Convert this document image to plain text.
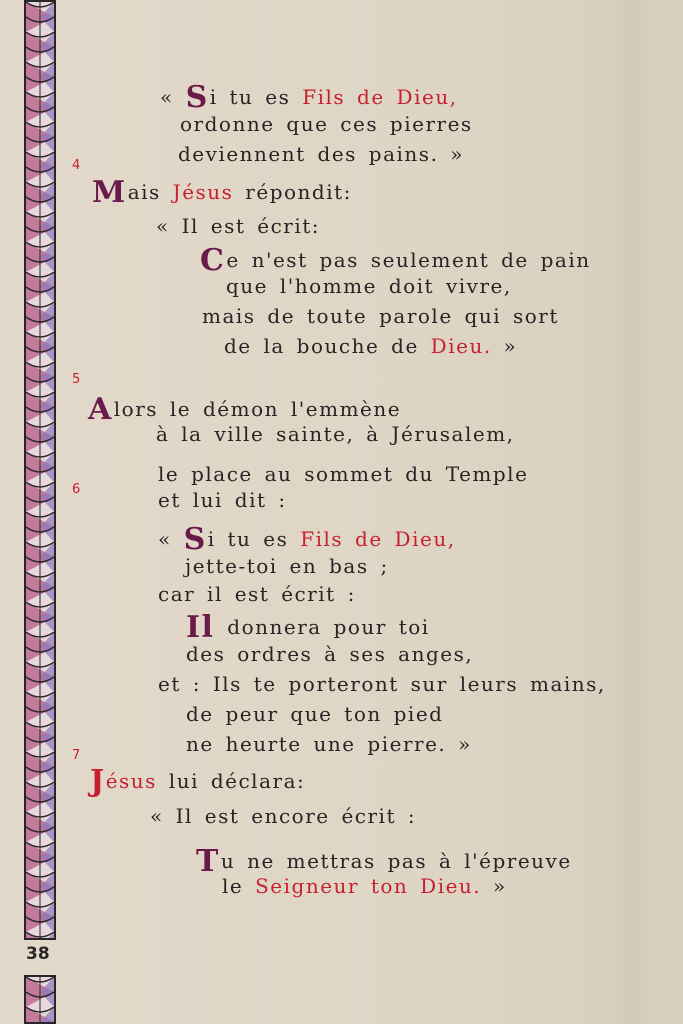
38
4
5
6
7
« Si tu es Fils de Dieu,
ordonne que ces pierres
deviennent des pains. »
Mais Jésus répondit:
« Il est écrit:
Ce n'est pas seulement de pain
que l'homme doit vivre,
mais de toute parole qui sort
de la bouche de Dieu. »
Alors le démon l'emmène
à la ville sainte, à Jérusalem,
le place au sommet du Temple
et lui dit :
« Si tu es Fils de Dieu,
jette-toi en bas ;
car il est écrit :
Il donnera pour toi
des ordres à ses anges,
et : Ils te porteront sur leurs mains,
de peur que ton pied
ne heurte une pierre. »
Jésus lui déclara:
« Il est encore écrit :
Tu ne mettras pas à l'épreuve
le Seigneur ton Dieu. »
